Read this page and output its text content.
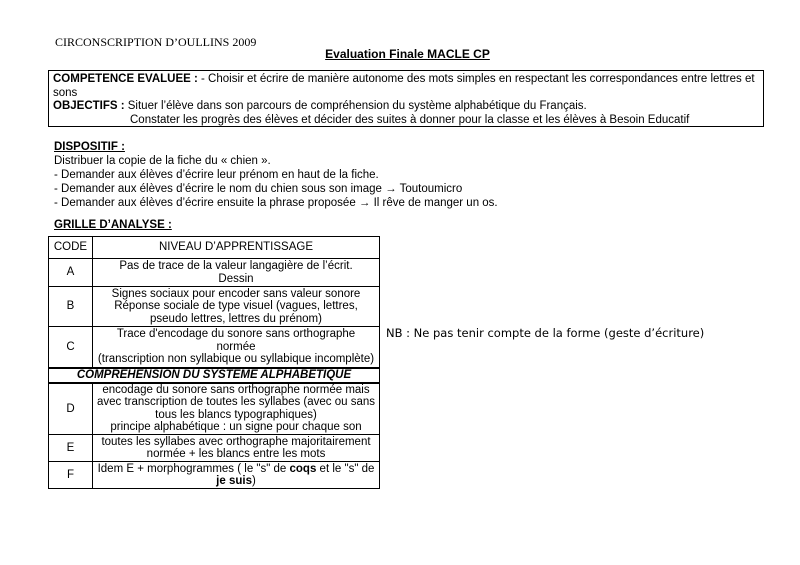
CIRCONSCRIPTION D’OULLINS 2009
Evaluation Finale MACLE CP
COMPETENCE EVALUEE : - Choisir et écrire de manière autonome des mots simples en respectant les correspondances entre lettres et sons
OBJECTIFS : Situer l’élève dans son parcours de compréhension du système alphabétique du Français.
Constater les progrès des élèves et décider des suites à donner pour la classe et les élèves à Besoin Educatif
DISPOSITIF :
Distribuer la copie de la fiche du « chien ».
- Demander aux élèves d’écrire leur prénom en haut de la fiche.
- Demander aux élèves d’écrire le nom du chien sous son image → Toutoumicro
- Demander aux élèves d’écrire ensuite la phrase proposée → Il rêve de manger un os.
GRILLE D’ANALYSE :
CODE	NIVEAU D’APPRENTISSAGE
A	Pas de trace de la valeur langagière de l’écrit.
Dessin

B	Signes sociaux pour encoder sans valeur sonore
Réponse sociale de type visuel (vagues, lettres,
pseudo lettres, lettres du prénom)

C	Trace d'encodage du sonore sans orthographe
normée
(transcription non syllabique ou syllabique incomplète)

COMPREHENSION DU SYSTEME ALPHABETIQUE	
D	encodage du sonore sans orthographe normée mais
avec transcription de toutes les syllabes (avec ou sans
tous les blancs typographiques)
principe alphabétique : un signe pour chaque son

E	toutes les syllabes avec orthographe majoritairement
normée + les blancs entre les mots

F	Idem E + morphogrammes ( le "s" de coqs et le "s" de
je suis)
NB : Ne pas tenir compte de la forme (geste d’écriture)
